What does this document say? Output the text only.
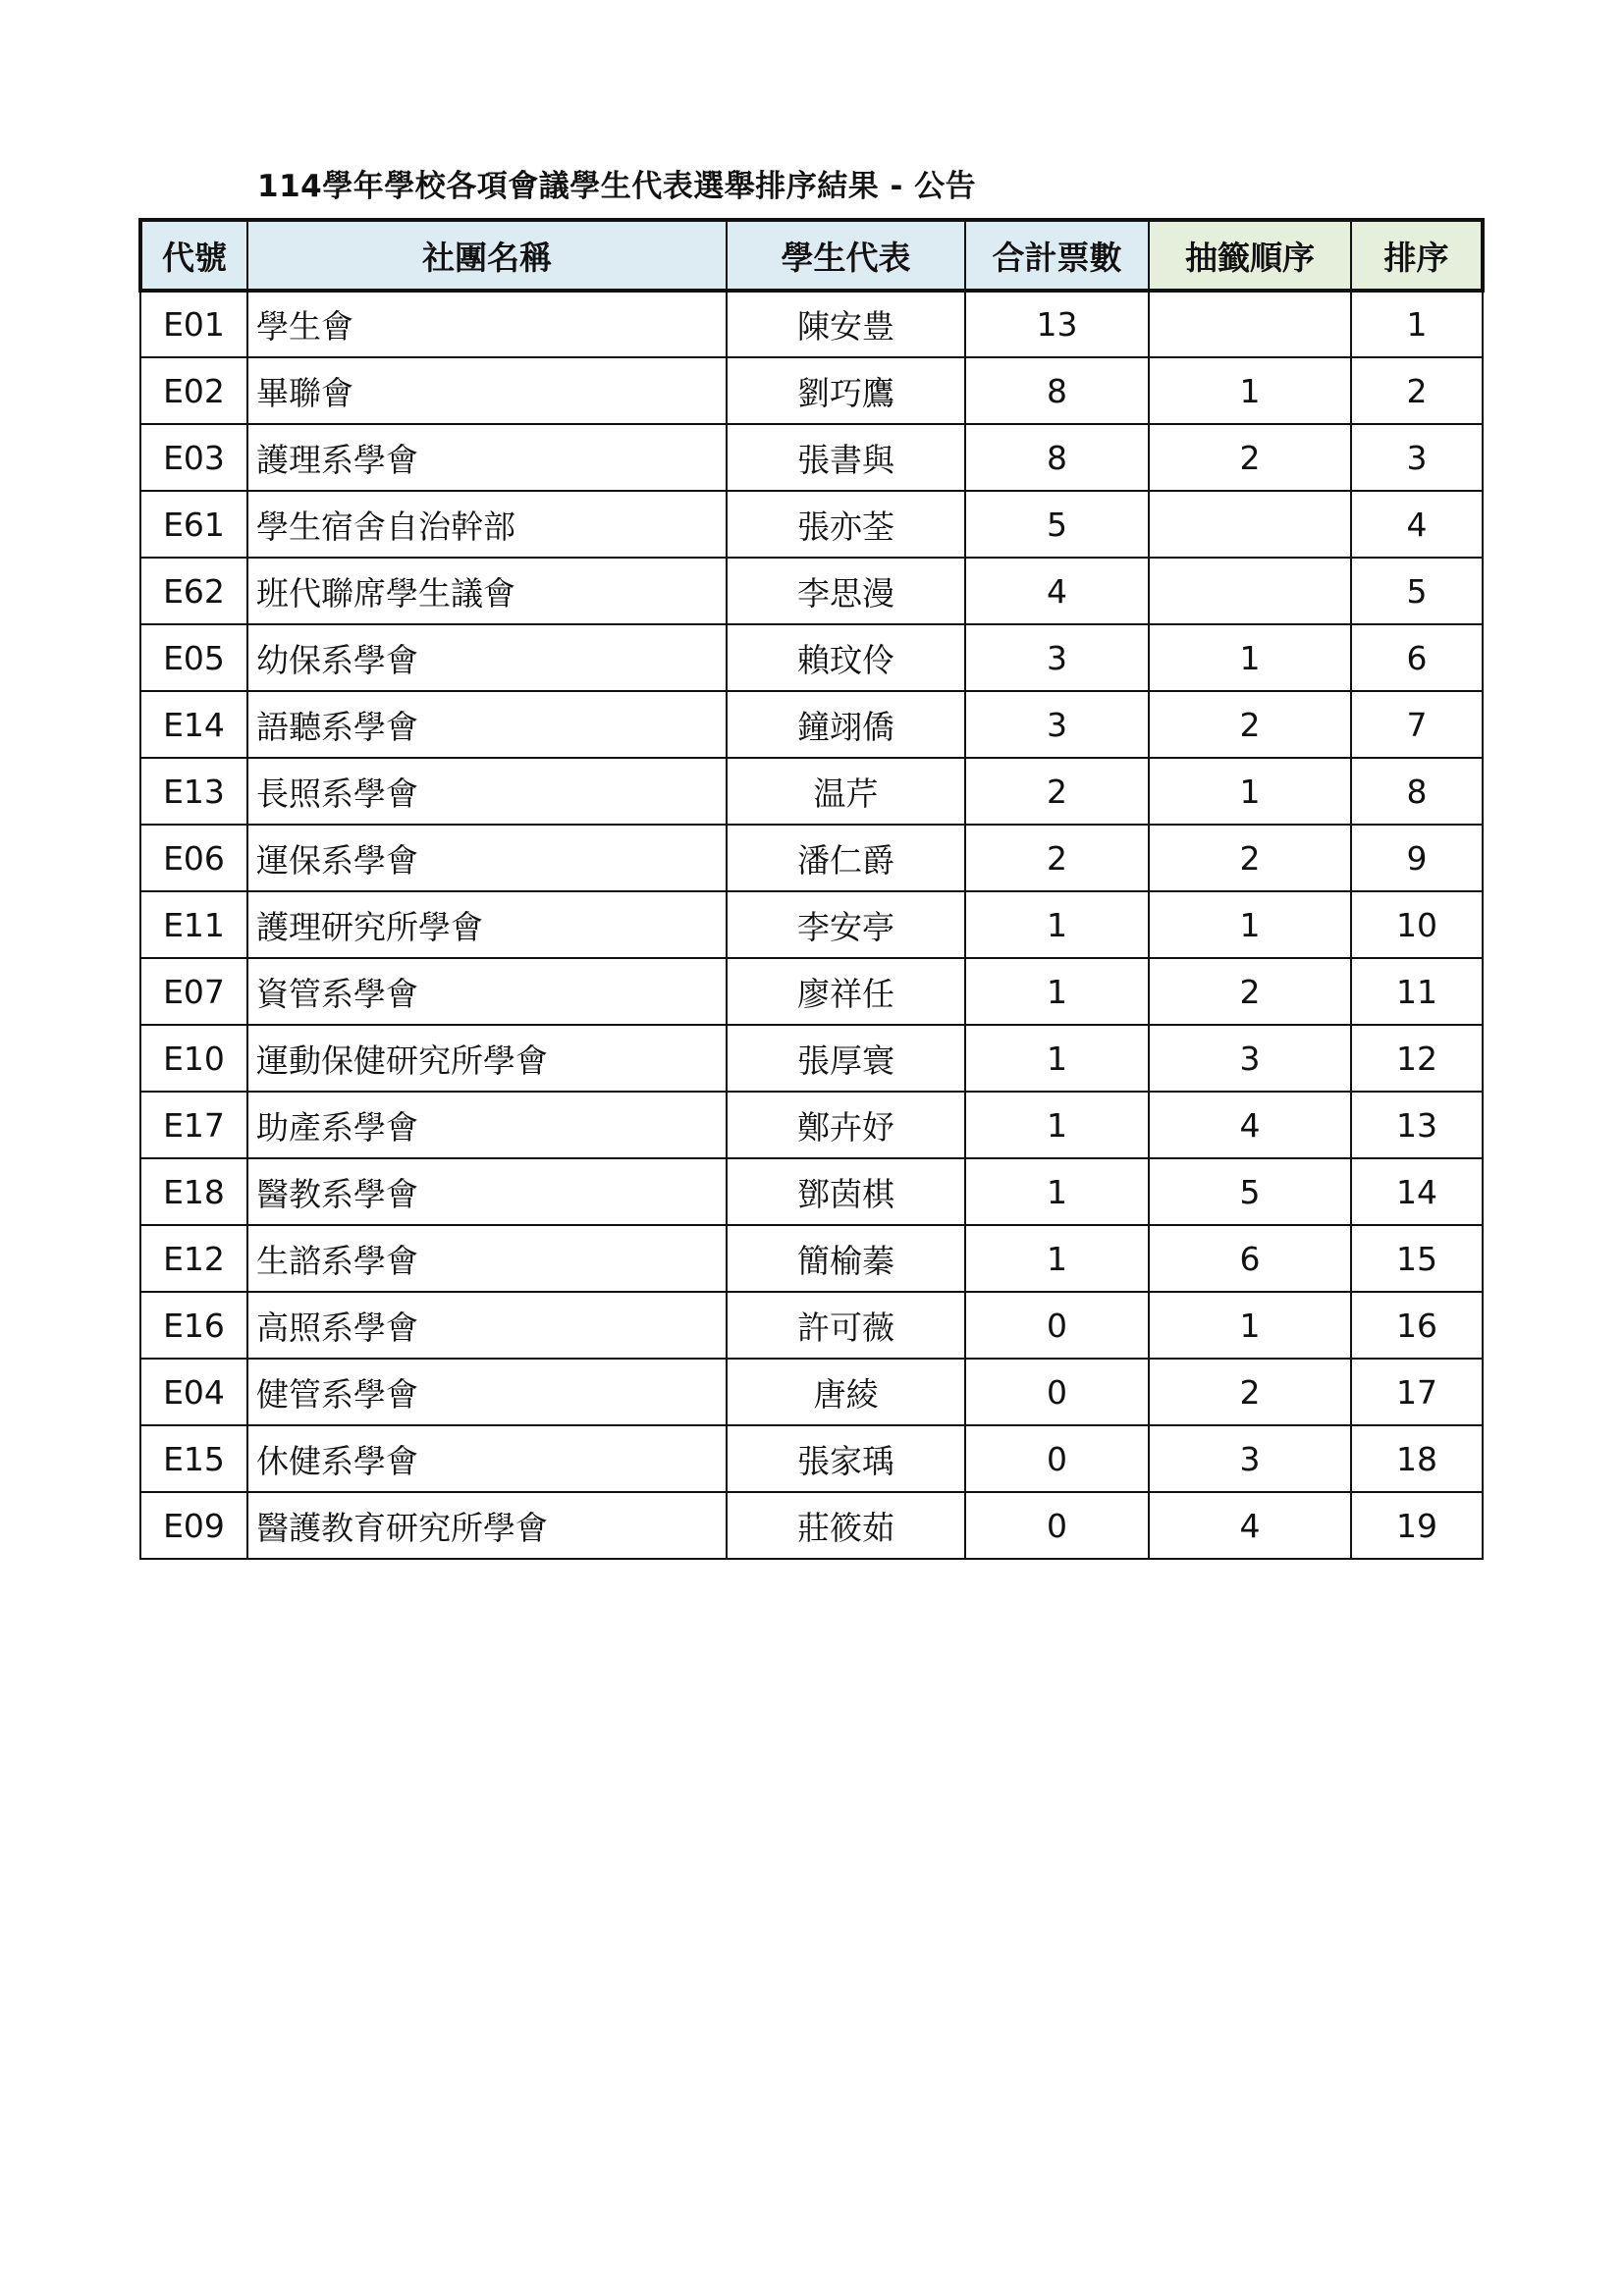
114學年學校各項會議學生代表選舉排序結果 - 公告
代號	社團名稱	學生代表	合計票數	抽籤順序	排序
E01	學生會	陳安豊	13		1
E02	畢聯會	劉巧鷹	8	1	2
E03	護理系學會	張書與	8	2	3
E61	學生宿舍自治幹部	張亦荃	5		4
E62	班代聯席學生議會	李思漫	4		5
E05	幼保系學會	賴玟伶	3	1	6
E14	語聽系學會	鐘翊僑	3	2	7
E13	長照系學會	温芹	2	1	8
E06	運保系學會	潘仁爵	2	2	9
E11	護理研究所學會	李安亭	1	1	10
E07	資管系學會	廖祥任	1	2	11
E10	運動保健研究所學會	張厚寰	1	3	12
E17	助產系學會	鄭卉妤	1	4	13
E18	醫教系學會	鄧茵棋	1	5	14
E12	生諮系學會	簡榆蓁	1	6	15
E16	高照系學會	許可薇	0	1	16
E04	健管系學會	唐綾	0	2	17
E15	休健系學會	張家瑀	0	3	18
E09	醫護教育研究所學會	莊筱茹	0	4	19
